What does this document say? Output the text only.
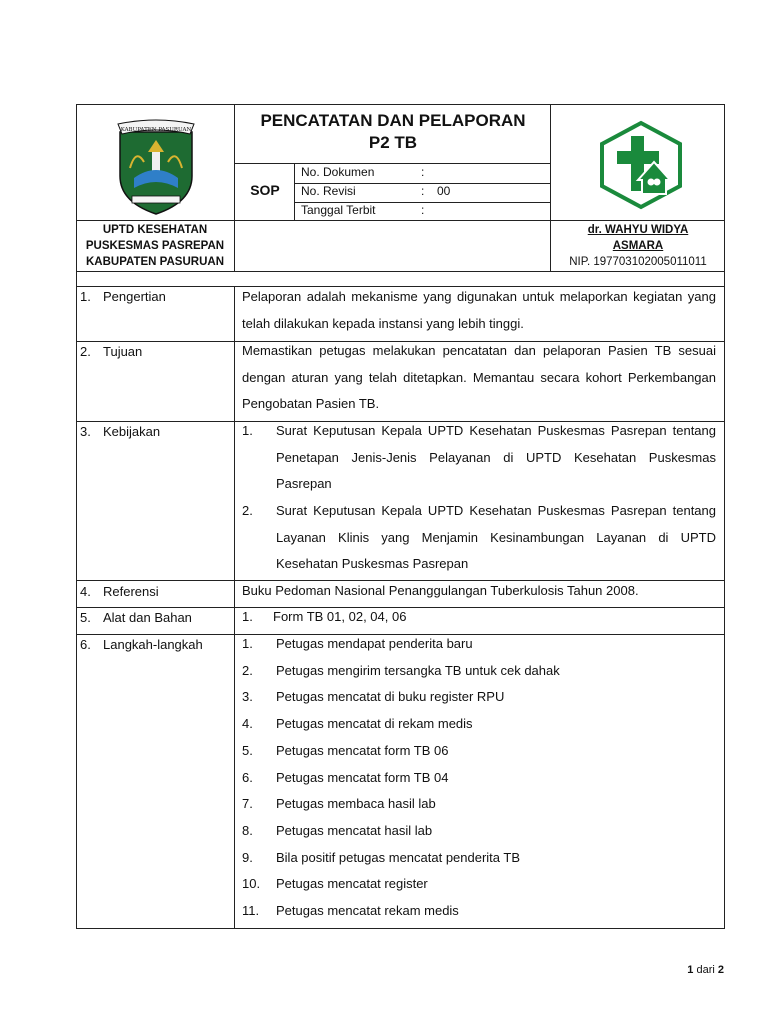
KABUPATEN PASURUAN	PENCATATAN DAN PELAPORAN
P2 TB
SOP
No. Dokumen	:
No. Revisi	: 00
Tanggal Terbit	:
UPTD KESEHATAN
PUSKESMAS PASREPAN
KABUPATEN PASURUAN
dr. WAHYU WIDYA
ASMARA
NIP. 197703102005011011
1. Pengertian	Pelaporan adalah mekanisme yang digunakan untuk melaporkan kegiatan yang telah dilakukan kepada instansi yang lebih tinggi.
2. Tujuan	Memastikan petugas melakukan pencatatan dan pelaporan Pasien TB sesuai dengan aturan yang telah ditetapkan. Memantau secara kohort Perkembangan Pengobatan Pasien TB.
3. Kebijakan	1.	Surat Keputusan Kepala UPTD Kesehatan Puskesmas Pasrepan tentang Penetapan Jenis-Jenis Pelayanan di UPTD Kesehatan Puskesmas Pasrepan
2.	Surat Keputusan Kepala UPTD Kesehatan Puskesmas Pasrepan tentang Layanan Klinis yang Menjamin Kesinambungan Layanan di UPTD Kesehatan Puskesmas Pasrepan
4. Referensi	Buku Pedoman Nasional Penanggulangan Tuberkulosis Tahun 2008.
5. Alat dan Bahan	1. Form TB 01, 02, 04, 06
6. Langkah-langkah	1. Petugas mendapat penderita baru
2. Petugas mengirim tersangka TB untuk cek dahak
3. Petugas mencatat di buku register RPU
4. Petugas mencatat di rekam medis
5. Petugas mencatat form TB 06
6. Petugas mencatat form TB 04
7. Petugas membaca hasil lab
8. Petugas mencatat hasil lab
9. Bila positif petugas mencatat penderita TB
10. Petugas mencatat register
11. Petugas mencatat rekam medis
1 dari 2
